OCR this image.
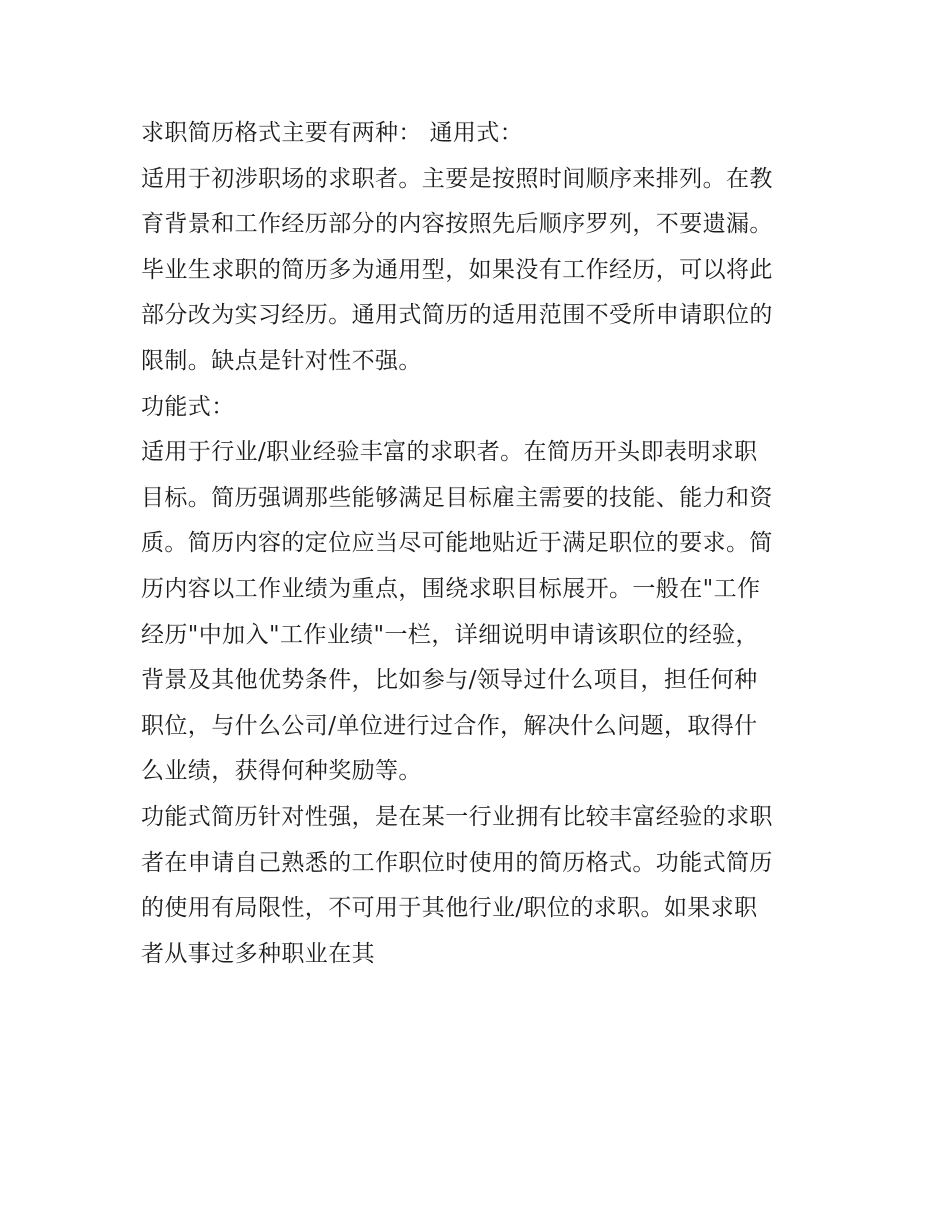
求职简历格式主要有两种： 通用式：
适用于初涉职场的求职者。主要是按照时间顺序来排列。在教
育背景和工作经历部分的内容按照先后顺序罗列，不要遗漏。
毕业生求职的简历多为通用型，如果没有工作经历，可以将此
部分改为实习经历。通用式简历的适用范围不受所申请职位的
限制。缺点是针对性不强。
功能式：
适用于行业/职业经验丰富的求职者。在简历开头即表明求职
目标。简历强调那些能够满足目标雇主需要的技能、能力和资
质。简历内容的定位应当尽可能地贴近于满足职位的要求。简
历内容以工作业绩为重点，围绕求职目标展开。一般在"工作
经历"中加入"工作业绩"一栏，详细说明申请该职位的经验，
背景及其他优势条件，比如参与/领导过什么项目，担任何种
职位，与什么公司/单位进行过合作，解决什么问题，取得什
么业绩，获得何种奖励等。
功能式简历针对性强，是在某一行业拥有比较丰富经验的求职
者在申请自己熟悉的工作职位时使用的简历格式。功能式简历
的使用有局限性，不可用于其他行业/职位的求职。如果求职
者从事过多种职业在其
